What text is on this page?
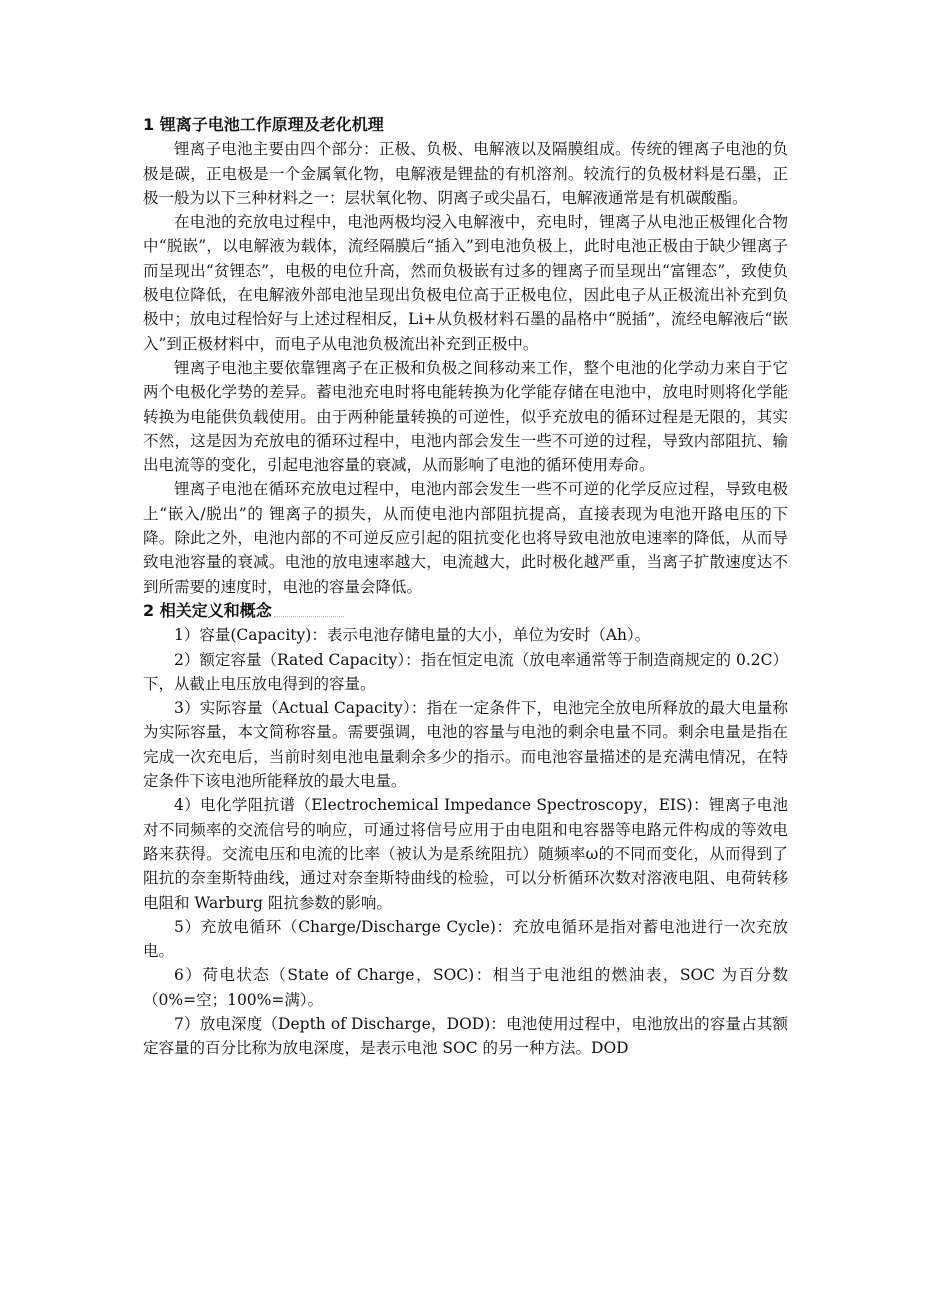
1 锂离子电池工作原理及老化机理

锂离子电池主要由四个部分：正极、负极、电解液以及隔膜组成。传统的锂离子电池的负极是碳，正电极是一个金属氧化物，电解液是锂盐的有机溶剂。较流行的负极材料是石墨，正极一般为以下三种材料之一：层状氧化物、阴离子或尖晶石，电解液通常是有机碳酸酯。

在电池的充放电过程中，电池两极均浸入电解液中，充电时，锂离子从电池正极锂化合物中“脱嵌”，以电解液为载体，流经隔膜后“插入”到电池负极上，此时电池正极由于缺少锂离子而呈现出“贫锂态”，电极的电位升高，然而负极嵌有过多的锂离子而呈现出“富锂态”，致使负极电位降低，在电解液外部电池呈现出负极电位高于正极电位，因此电子从正极流出补充到负极中；放电过程恰好与上述过程相反，Li+从负极材料石墨的晶格中“脱插”，流经电解液后“嵌入”到正极材料中，而电子从电池负极流出补充到正极中。

锂离子电池主要依靠锂离子在正极和负极之间移动来工作，整个电池的化学动力来自于它两个电极化学势的差异。蓄电池充电时将电能转换为化学能存储在电池中，放电时则将化学能转换为电能供负载使用。由于两种能量转换的可逆性，似乎充放电的循环过程是无限的，其实不然，这是因为充放电的循环过程中，电池内部会发生一些不可逆的过程，导致内部阻抗、输出电流等的变化，引起电池容量的衰减，从而影响了电池的循环使用寿命。

锂离子电池在循环充放电过程中，电池内部会发生一些不可逆的化学反应过程，导致电极上“嵌入/脱出”的 锂离子的损失，从而使电池内部阻抗提高，直接表现为电池开路电压的下降。除此之外，电池内部的不可逆反应引起的阻抗变化也将导致电池放电速率的降低，从而导致电池容量的衰减。电池的放电速率越大，电流越大，此时极化越严重，当离子扩散速度达不到所需要的速度时，电池的容量会降低。

2 相关定义和概念

1）容量(Capacity)：表示电池存储电量的大小，单位为安时（Ah）。

2）额定容量（Rated Capacity）：指在恒定电流（放电率通常等于制造商规定的 0.2C）下，从截止电压放电得到的容量。

3）实际容量（Actual Capacity）：指在一定条件下，电池完全放电所释放的最大电量称为实际容量，本文简称容量。需要强调，电池的容量与电池的剩余电量不同。剩余电量是指在完成一次充电后，当前时刻电池电量剩余多少的指示。而电池容量描述的是充满电情况，在特定条件下该电池所能释放的最大电量。

4）电化学阻抗谱（Electrochemical Impedance Spectroscopy，EIS)：锂离子电池对不同频率的交流信号的响应，可通过将信号应用于由电阻和电容器等电路元件构成的等效电路来获得。交流电压和电流的比率（被认为是系统阻抗）随频率ω的不同而变化，从而得到了阻抗的奈奎斯特曲线，通过对奈奎斯特曲线的检验，可以分析循环次数对溶液电阻、电荷转移电阻和 Warburg 阻抗参数的影响。

5）充放电循环（Charge/Discharge Cycle)：充放电循环是指对蓄电池进行一次充放电。

6）荷电状态（State of Charge，SOC)：相当于电池组的燃油表，SOC 为百分数（0%=空；100%=满）。

7）放电深度（Depth of Discharge，DOD)：电池使用过程中，电池放出的容量占其额定容量的百分比称为放电深度，是表示电池 SOC 的另一种方法。DOD
